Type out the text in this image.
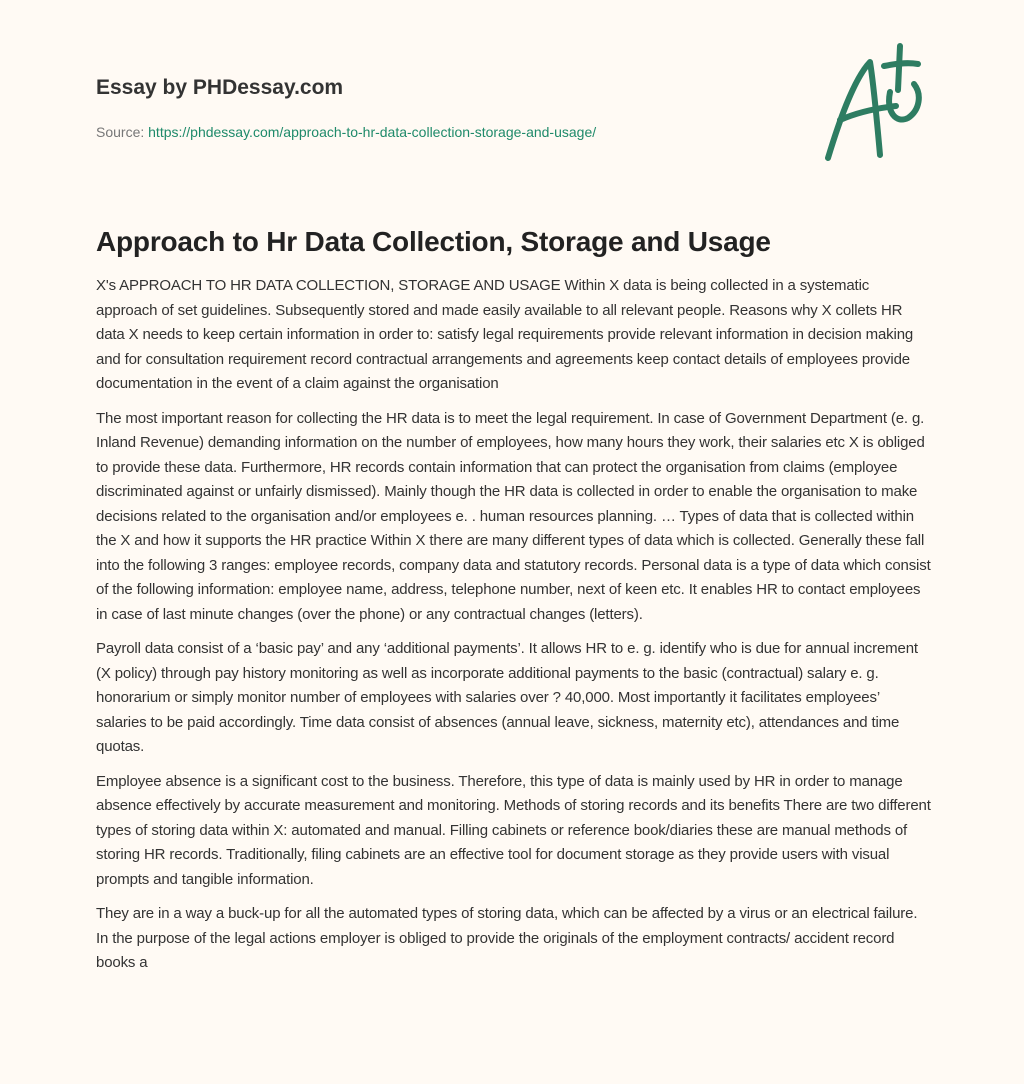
Essay by PHDessay.com
Source: https://phdessay.com/approach-to-hr-data-collection-storage-and-usage/
Approach to Hr Data Collection, Storage and Usage

X's APPROACH TO HR DATA COLLECTION, STORAGE AND USAGE Within X data is being collected in a systematic approach of set guidelines. Subsequently stored and made easily available to all relevant people. Reasons why X collets HR data X needs to keep certain information in order to: satisfy legal requirements provide relevant information in decision making and for consultation requirement record contractual arrangements and agreements keep contact details of employees provide documentation in the event of a claim against the organisation

The most important reason for collecting the HR data is to meet the legal requirement. In case of Government Department (e. g. Inland Revenue) demanding information on the number of employees, how many hours they work, their salaries etc X is obliged to provide these data. Furthermore, HR records contain information that can protect the organisation from claims (employee discriminated against or unfairly dismissed). Mainly though the HR data is collected in order to enable the organisation to make decisions related to the organisation and/or employees e. . human resources planning. … Types of data that is collected within the X and how it supports the HR practice Within X there are many different types of data which is collected. Generally these fall into the following 3 ranges: employee records, company data and statutory records. Personal data is a type of data which consist of the following information: employee name, address, telephone number, next of keen etc. It enables HR to contact employees in case of last minute changes (over the phone) or any contractual changes (letters).

Payroll data consist of a ‘basic pay’ and any ‘additional payments’. It allows HR to e. g. identify who is due for annual increment (X policy) through pay history monitoring as well as incorporate additional payments to the basic (contractual) salary e. g. honorarium or simply monitor number of employees with salaries over ? 40,000. Most importantly it facilitates employees’ salaries to be paid accordingly. Time data consist of absences (annual leave, sickness, maternity etc), attendances and time quotas.

Employee absence is a significant cost to the business. Therefore, this type of data is mainly used by HR in order to manage absence effectively by accurate measurement and monitoring. Methods of storing records and its benefits There are two different types of storing data within X: automated and manual. Filling cabinets or reference book/diaries these are manual methods of storing HR records. Traditionally, filing cabinets are an effective tool for document storage as they provide users with visual prompts and tangible information.

They are in a way a buck-up for all the automated types of storing data, which can be affected by a virus or an electrical failure. In the purpose of the legal actions employer is obliged to provide the originals of the employment contracts/ accident record books a
